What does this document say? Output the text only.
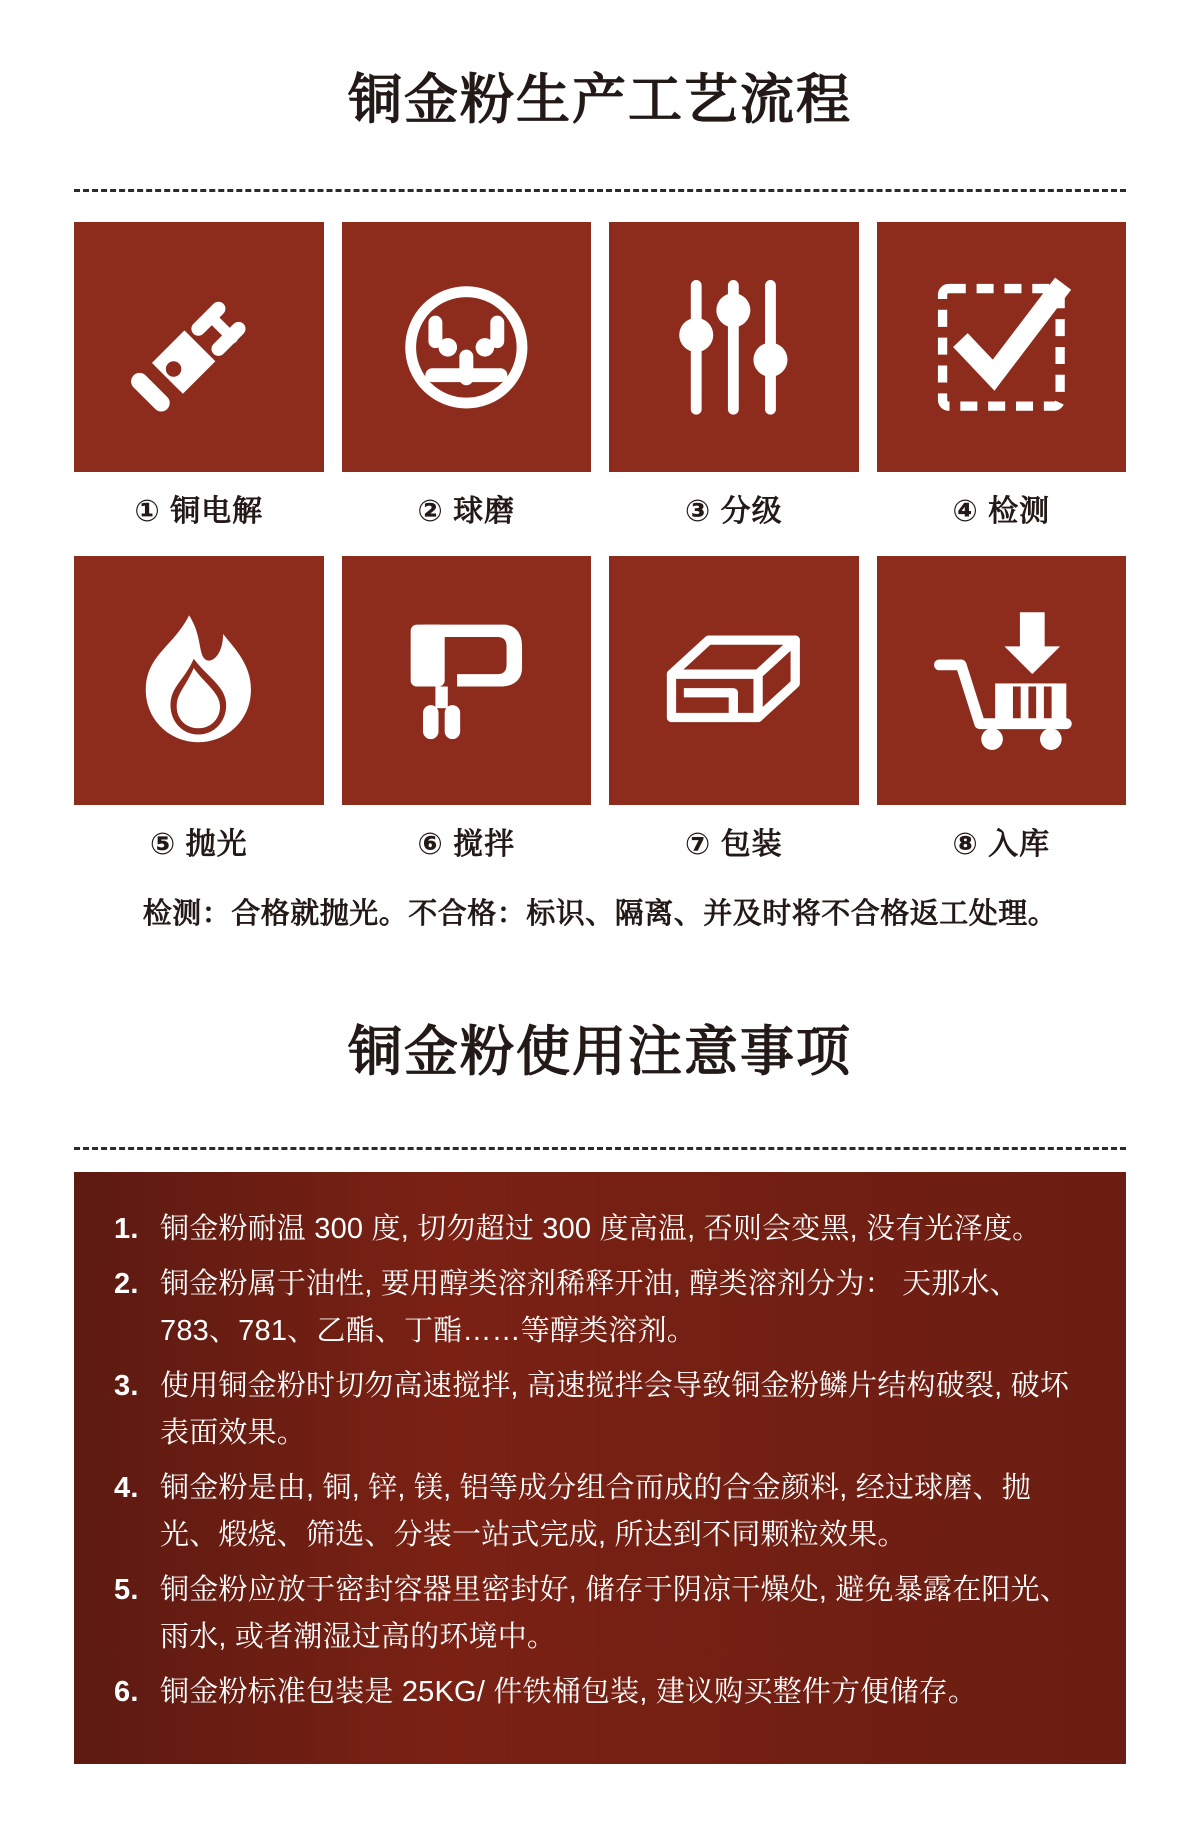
铜金粉生产工艺流程
① 铜电解	② 球磨	③ 分级	④ 检测
⑤ 抛光	⑥ 搅拌	⑦ 包装	⑧ 入库
检测：合格就抛光。不合格：标识、隔离、并及时将不合格返工处理。
铜金粉使用注意事项
铜金粉耐温 300 度, 切勿超过 300 度高温, 否则会变黑, 没有光泽度。
铜金粉属于油性, 要用醇类溶剂稀释开油, 醇类溶剂分为： 天那水、783、781、乙酯、丁酯……等醇类溶剂。
使用铜金粉时切勿高速搅拌, 高速搅拌会导致铜金粉鳞片结构破裂, 破坏表面效果。
铜金粉是由, 铜, 锌, 镁, 铝等成分组合而成的合金颜料, 经过球磨、抛光、煅烧、筛选、分装一站式完成, 所达到不同颗粒效果。
铜金粉应放于密封容器里密封好, 储存于阴凉干燥处, 避免暴露在阳光、雨水, 或者潮湿过高的环境中。
铜金粉标准包装是 25KG/ 件铁桶包装, 建议购买整件方便储存。
